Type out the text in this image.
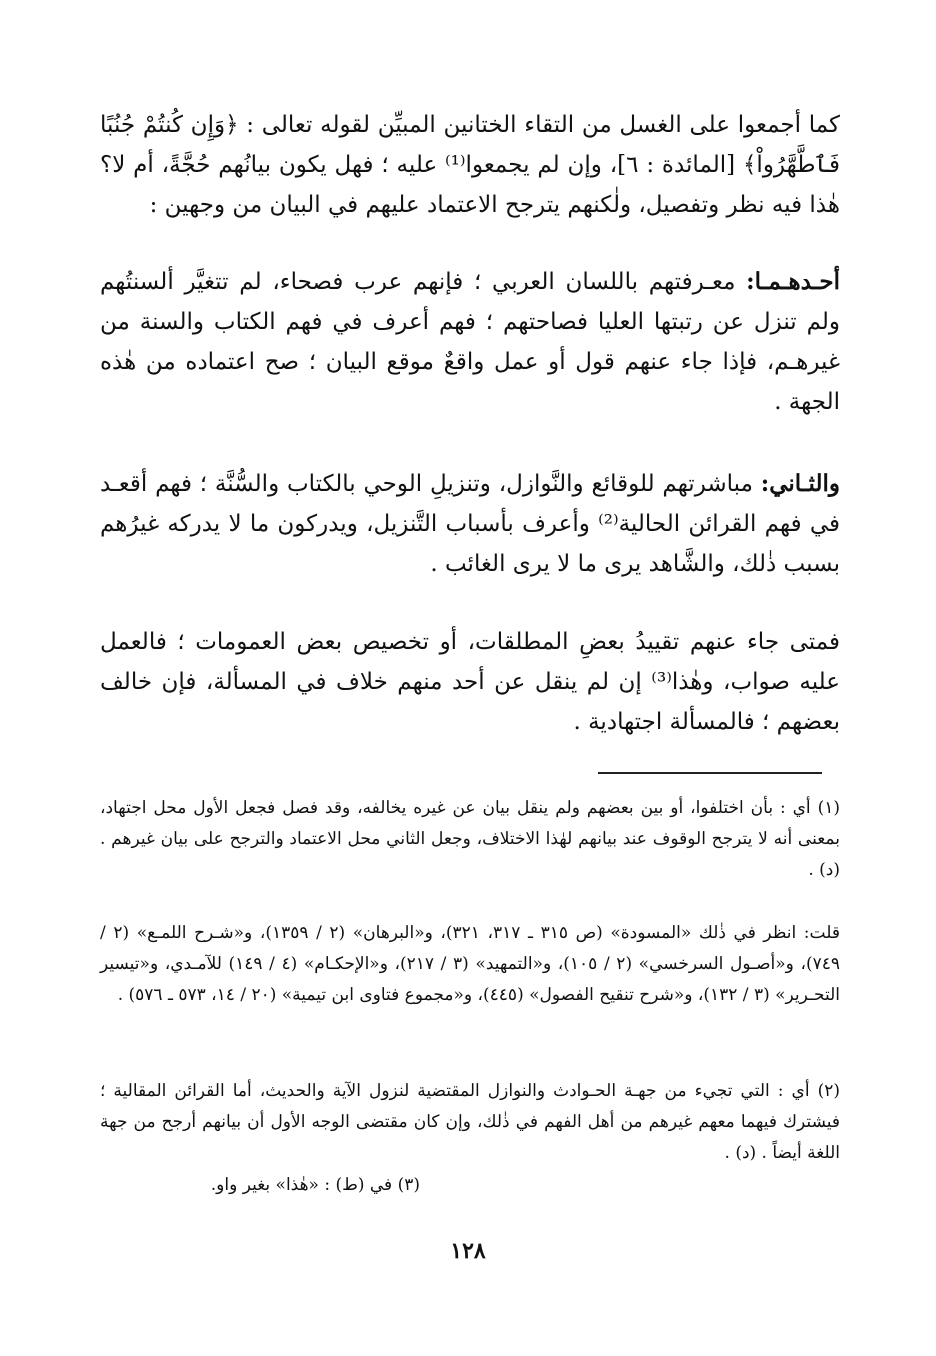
كما أجمعوا على الغسل من التقاء الختانين المبيِّن لقوله تعالى : ﴿وَإِن كُنتُمْ جُنُبًا فَٱطَّهَّرُواْ﴾ [المائدة : ٦]، وإن لم يجمعوا⁽¹⁾ عليه ؛ فهل يكون بيانُهم حُجَّةً، أم لا؟ هٰذا فيه نظر وتفصيل، ولٰكنهم يترجح الاعتماد عليهم في البيان من وجهين :

أحـدهـمـا: معـرفتهم باللسان العربي ؛ فإنهم عرب فصحاء، لم تتغيَّر ألسنتُهم ولم تنزل عن رتبتها العليا فصاحتهم ؛ فهم أعرف في فهم الكتاب والسنة من غيرهـم، فإذا جاء عنهم قول أو عمل واقعٌ موقع البيان ؛ صح اعتماده من هٰذه الجهة .

والثـاني: مباشرتهم للوقائع والنَّوازل، وتنزيلِ الوحي بالكتاب والسُّنَّة ؛ فهم أقعـد في فهم القرائن الحالية⁽²⁾ وأعرف بأسباب التَّنزيل، ويدركون ما لا يدركه غيرُهم بسبب ذٰلك، والشَّاهد يرى ما لا يرى الغائب .

فمتى جاء عنهم تقييدُ بعضِ المطلقات، أو تخصيص بعض العمومات ؛ فالعمل عليه صواب، وهٰذا⁽³⁾ إن لم ينقل عن أحد منهم خلاف في المسألة، فإن خالف بعضهم ؛ فالمسألة اجتهادية .

(١) أي : بأن اختلفوا، أو بين بعضهم ولم ينقل بيان عن غيره يخالفه، وقد فصل فجعل الأول محل اجتهاد، بمعنى أنه لا يترجح الوقوف عند بيانهم لهٰذا الاختلاف، وجعل الثاني محل الاعتماد والترجح على بيان غيرهم . (د) .

قلت: انظر في ذٰلك «المسودة» (ص ٣١٥ ـ ٣١٧، ٣٢١)، و«البرهان» (٢ / ١٣٥٩)، و«شـرح اللمـع» (٢ / ٧٤٩)، و«أصـول السرخسي» (٢ / ١٠٥)، و«التمهيد» (٣ / ٢١٧)، و«الإحكـام» (٤ / ١٤٩) للآمـدي، و«تيسير التحـرير» (٣ / ١٣٢)، و«شرح تنقيح الفصول» (٤٤٥)، و«مجموع فتاوى ابن تيمية» (٢٠ / ١٤، ٥٧٣ ـ ٥٧٦) .

(٢) أي : التي تجيء من جهـة الحـوادث والنوازل المقتضية لنزول الآية والحديث، أما القرائن المقالية ؛ فيشترك فيهما معهم غيرهم من أهل الفهم في ذٰلك، وإن كان مقتضى الوجه الأول أن بيانهم أرجح من جهة اللغة أيضاً . (د) .

(٣) في (ط) : «هٰذا» بغير واو.

١٢٨
